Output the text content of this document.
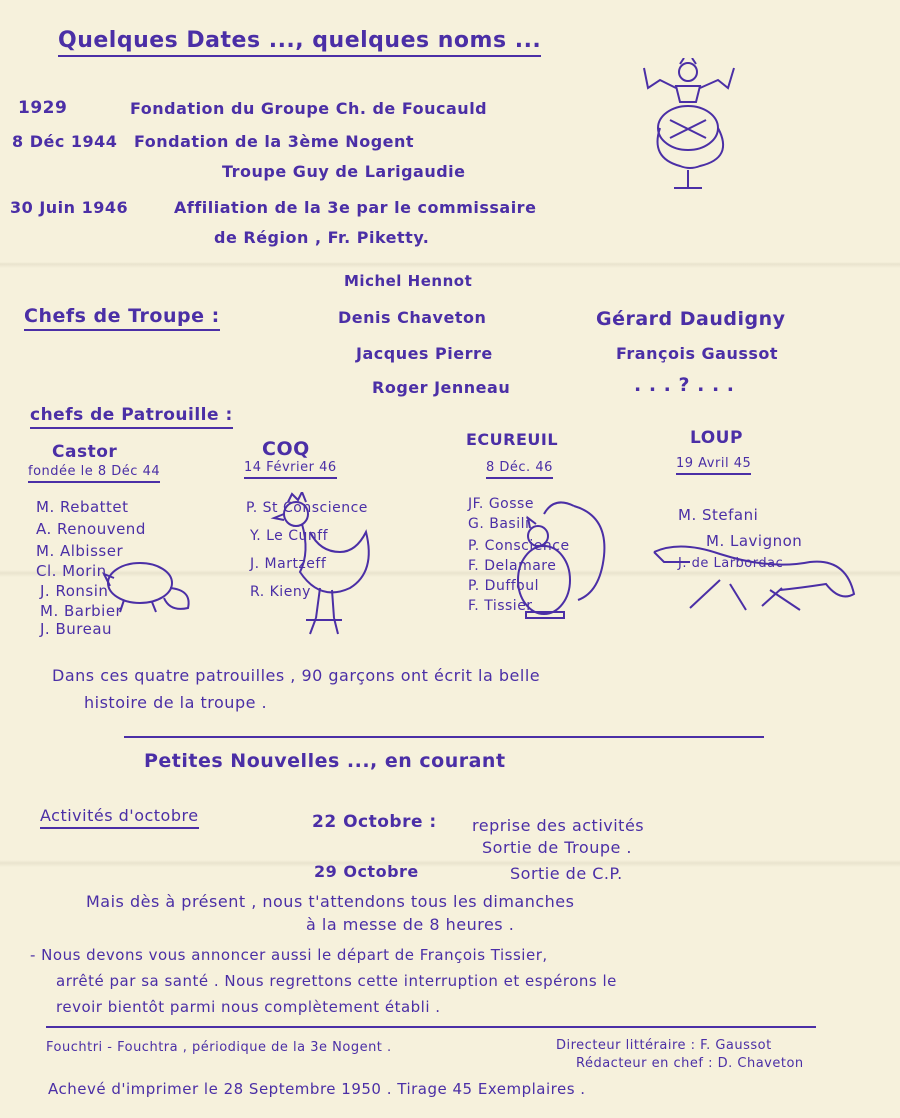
Quelques Dates ..., quelques noms ...
1929	Fondation du Groupe Ch. de Foucauld
8 Déc 1944 Fondation de la 3ème Nogent
Troupe Guy de Larigaudie
30 Juin 1946	Affiliation de la 3e par le commissaire
de Région , Fr. Piketty.
Chefs de Troupe :
Michel Hennot
Denis Chaveton
Jacques Pierre
Roger Jenneau
Gérard Daudigny
François Gaussot
. . . ? . . .
chefs de Patrouille :
Castor
fondée le 8 Déc 44
M. Rebattet
A. Renouvend
M. Albisser
Cl. Morin
J. Ronsin
M. Barbier
J. Bureau
COQ
14 Février 46
P. St Conscience
Y. Le Cunff
J. Martzeff
R. Kieny
ECUREUIL
8 Déc. 46
JF. Gosse
G. Basili
P. Conscience
F. Delamare
P. Duffoul
F. Tissier
LOUP
19 Avril 45
M. Stefani
M. Lavignon
J. de Larbordac
Dans ces quatre patrouilles , 90 garçons ont écrit la belle
histoire de la troupe .
Petites Nouvelles ..., en courant
Activités d'octobre	22 Octobre : reprise des activités
Sortie de Troupe .
29 Octobre	Sortie de C.P.
Mais dès à présent , nous t'attendons tous les dimanches
à la messe de 8 heures .
- Nous devons vous annoncer aussi le départ de François Tissier,
arrêté par sa santé . Nous regrettons cette interruption et espérons le
revoir bientôt parmi nous complètement établi .
Fouchtri - Fouchtra , périodique de la 3e Nogent .	Directeur littéraire : F. Gaussot
Rédacteur en chef : D. Chaveton
Achevé d'imprimer le 28 Septembre 1950 . Tirage 45 Exemplaires .
